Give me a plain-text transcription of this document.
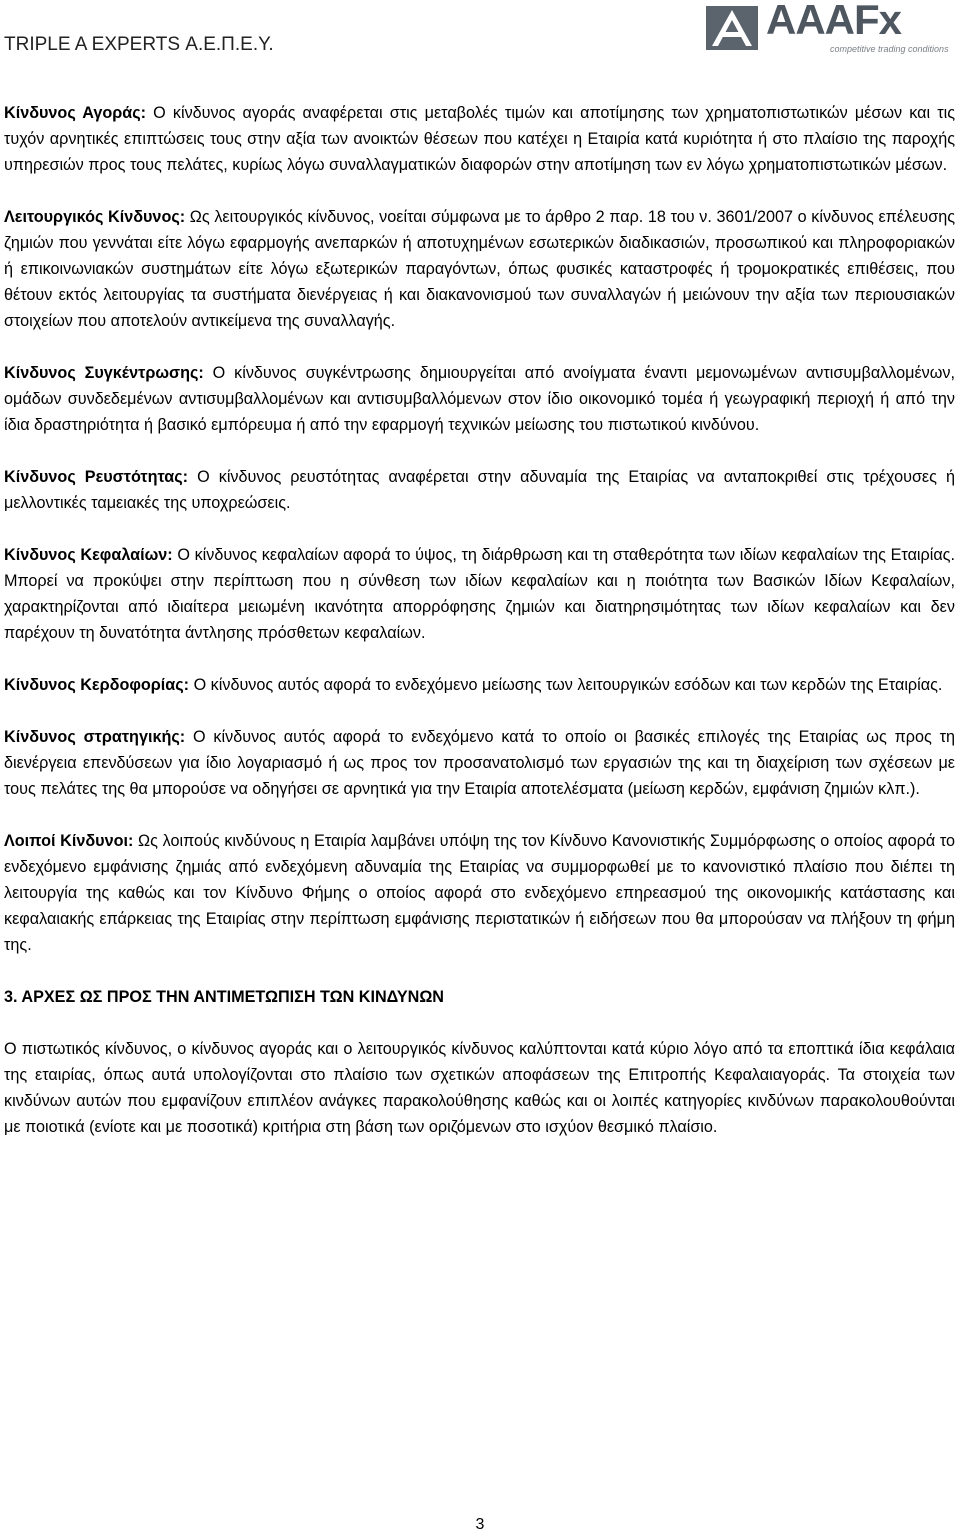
TRIPLE A EXPERTS Α.Ε.Π.Ε.Υ.
AAAFx
competitive trading conditions

Κίνδυνος Αγοράς: Ο κίνδυνος αγοράς αναφέρεται στις μεταβολές τιμών και αποτίμησης των χρηματοπιστωτικών μέσων και τις τυχόν αρνητικές επιπτώσεις τους στην αξία των ανοικτών θέσεων που κατέχει η Εταιρία κατά κυριότητα ή στο πλαίσιο της παροχής υπηρεσιών προς τους πελάτες, κυρίως λόγω συναλλαγματικών διαφορών στην αποτίμηση των εν λόγω χρηματοπιστωτικών μέσων.

Λειτουργικός Κίνδυνος: Ως λειτουργικός κίνδυνος, νοείται σύμφωνα με το άρθρο 2 παρ. 18 του ν. 3601/2007 ο κίνδυνος επέλευσης ζημιών που γεννάται είτε λόγω εφαρμογής ανεπαρκών ή αποτυχημένων εσωτερικών διαδικασιών, προσωπικού και πληροφοριακών ή επικοινωνιακών συστημάτων είτε λόγω εξωτερικών παραγόντων, όπως φυσικές καταστροφές ή τρομοκρατικές επιθέσεις, που θέτουν εκτός λειτουργίας τα συστήματα διενέργειας ή και διακανονισμού των συναλλαγών ή μειώνουν την αξία των περιουσιακών στοιχείων που αποτελούν αντικείμενα της συναλλαγής.

Κίνδυνος Συγκέντρωσης: Ο κίνδυνος συγκέντρωσης δημιουργείται από ανοίγματα έναντι μεμονωμένων αντισυμβαλλομένων, ομάδων συνδεδεμένων αντισυμβαλλομένων και αντισυμβαλλόμενων στον ίδιο οικονομικό τομέα ή γεωγραφική περιοχή ή από την ίδια δραστηριότητα ή βασικό εμπόρευμα ή από την εφαρμογή τεχνικών μείωσης του πιστωτικού κινδύνου.

Κίνδυνος Ρευστότητας: Ο κίνδυνος ρευστότητας αναφέρεται στην αδυναμία της Εταιρίας να ανταποκριθεί στις τρέχουσες ή μελλοντικές ταμειακές της υποχρεώσεις.

Κίνδυνος Κεφαλαίων: Ο κίνδυνος κεφαλαίων αφορά το ύψος, τη διάρθρωση και τη σταθερότητα των ιδίων κεφαλαίων της Εταιρίας. Μπορεί να προκύψει στην περίπτωση που η σύνθεση των ιδίων κεφαλαίων και η ποιότητα των Βασικών Ιδίων Κεφαλαίων, χαρακτηρίζονται από ιδιαίτερα μειωμένη ικανότητα απορρόφησης ζημιών και διατηρησιμότητας των ιδίων κεφαλαίων και δεν παρέχουν τη δυνατότητα άντλησης πρόσθετων κεφαλαίων.

Κίνδυνος Κερδοφορίας: Ο κίνδυνος αυτός αφορά το ενδεχόμενο μείωσης των λειτουργικών εσόδων και των κερδών της Εταιρίας.

Κίνδυνος στρατηγικής: Ο κίνδυνος αυτός αφορά το ενδεχόμενο κατά το οποίο οι βασικές επιλογές της Εταιρίας ως προς τη διενέργεια επενδύσεων για ίδιο λογαριασμό ή ως προς τον προσανατολισμό των εργασιών της και τη διαχείριση των σχέσεων με τους πελάτες της θα μπορούσε να οδηγήσει σε αρνητικά για την Εταιρία αποτελέσματα (μείωση κερδών, εμφάνιση ζημιών κλπ.).

Λοιποί Κίνδυνοι: Ως λοιπούς κινδύνους η Εταιρία λαμβάνει υπόψη της τον Κίνδυνο Κανονιστικής Συμμόρφωσης ο οποίος αφορά το ενδεχόμενο εμφάνισης ζημιάς από ενδεχόμενη αδυναμία της Εταιρίας να συμμορφωθεί με το κανονιστικό πλαίσιο που διέπει τη λειτουργία της καθώς και τον Κίνδυνο Φήμης ο οποίος αφορά στο ενδεχόμενο επηρεασμού της οικονομικής κατάστασης και κεφαλαιακής επάρκειας της Εταιρίας στην περίπτωση εμφάνισης περιστατικών ή ειδήσεων που θα μπορούσαν να πλήξουν τη φήμη της.

3. ΑΡΧΕΣ ΩΣ ΠΡΟΣ ΤΗΝ ΑΝΤΙΜΕΤΩΠΙΣΗ ΤΩΝ ΚΙΝΔΥΝΩΝ

Ο πιστωτικός κίνδυνος, ο κίνδυνος αγοράς και ο λειτουργικός κίνδυνος καλύπτονται κατά κύριο λόγο από τα εποπτικά ίδια κεφάλαια της εταιρίας, όπως αυτά υπολογίζονται στο πλαίσιο των σχετικών αποφάσεων της Επιτροπής Κεφαλαιαγοράς. Τα στοιχεία των κινδύνων αυτών που εμφανίζουν επιπλέον ανάγκες παρακολούθησης καθώς και οι λοιπές κατηγορίες κινδύνων παρακολουθούνται με ποιοτικά (ενίοτε και με ποσοτικά) κριτήρια στη βάση των οριζόμενων στο ισχύον θεσμικό πλαίσιο.

3
